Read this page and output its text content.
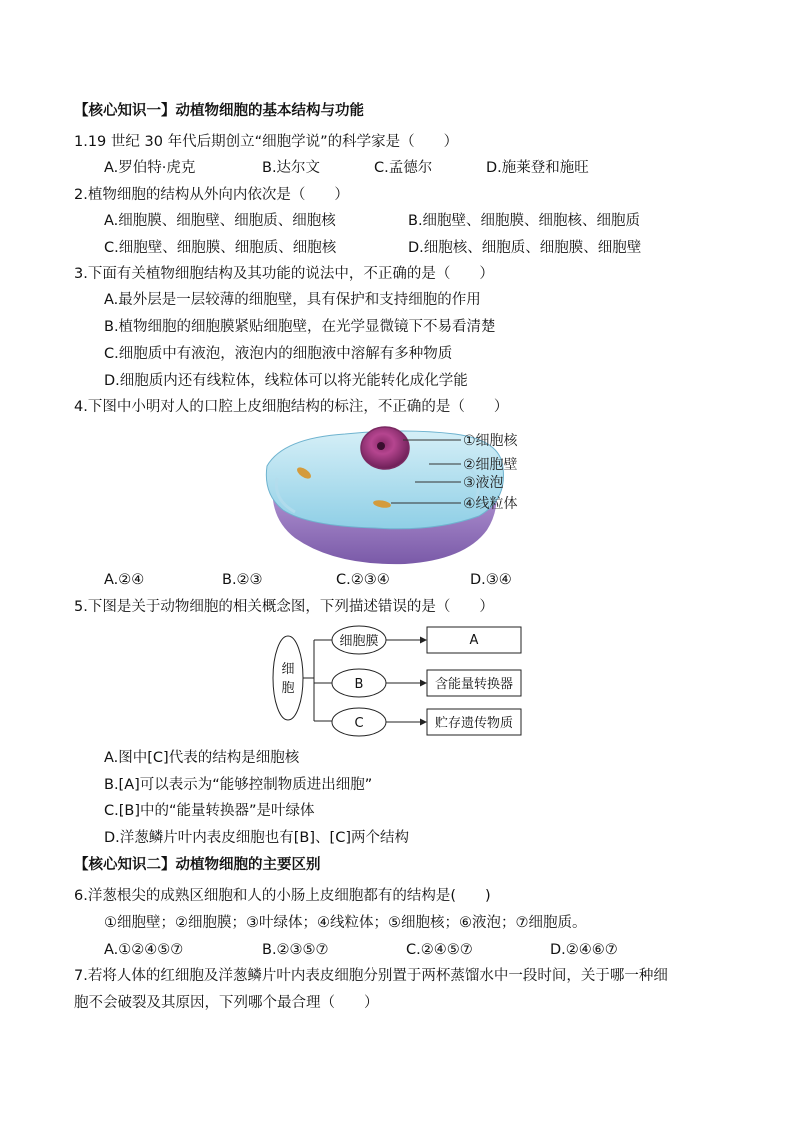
【核心知识一】动植物细胞的基本结构与功能
1.19 世纪 30 年代后期创立“细胞学说”的科学家是（　　）
A.罗伯特·虎克	B.达尔文	C.孟德尔	D.施莱登和施旺
2.植物细胞的结构从外向内依次是（　　）
A.细胞膜、细胞壁、细胞质、细胞核	B.细胞壁、细胞膜、细胞核、细胞质
C.细胞壁、细胞膜、细胞质、细胞核	D.细胞核、细胞质、细胞膜、细胞壁
3.下面有关植物细胞结构及其功能的说法中，不正确的是（　　）
A.最外层是一层较薄的细胞壁，具有保护和支持细胞的作用
B.植物细胞的细胞膜紧贴细胞壁，在光学显微镜下不易看清楚
C.细胞质中有液泡，液泡内的细胞液中溶解有多种物质
D.细胞质内还有线粒体，线粒体可以将光能转化成化学能
4.下图中小明对人的口腔上皮细胞结构的标注，不正确的是（　　）
①细胞核
②细胞壁
③液泡
④线粒体
A.②④	B.②③	C.②③④	D.③④
5.下图是关于动物细胞的相关概念图，下列描述错误的是（　　）
细
胞
细胞膜
B
C
A
含能量转换器
贮存遗传物质
A.图中[C]代表的结构是细胞核
B.[A]可以表示为“能够控制物质进出细胞”
C.[B]中的“能量转换器”是叶绿体
D.洋葱鳞片叶内表皮细胞也有[B]、[C]两个结构
【核心知识二】动植物细胞的主要区别
6.洋葱根尖的成熟区细胞和人的小肠上皮细胞都有的结构是(　　)
①细胞壁；②细胞膜；③叶绿体；④线粒体；⑤细胞核；⑥液泡；⑦细胞质。
A.①②④⑤⑦	B.②③⑤⑦	C.②④⑤⑦	D.②④⑥⑦
7.若将人体的红细胞及洋葱鳞片叶内表皮细胞分别置于两杯蒸馏水中一段时间，关于哪一种细
胞不会破裂及其原因，下列哪个最合理（　　）
